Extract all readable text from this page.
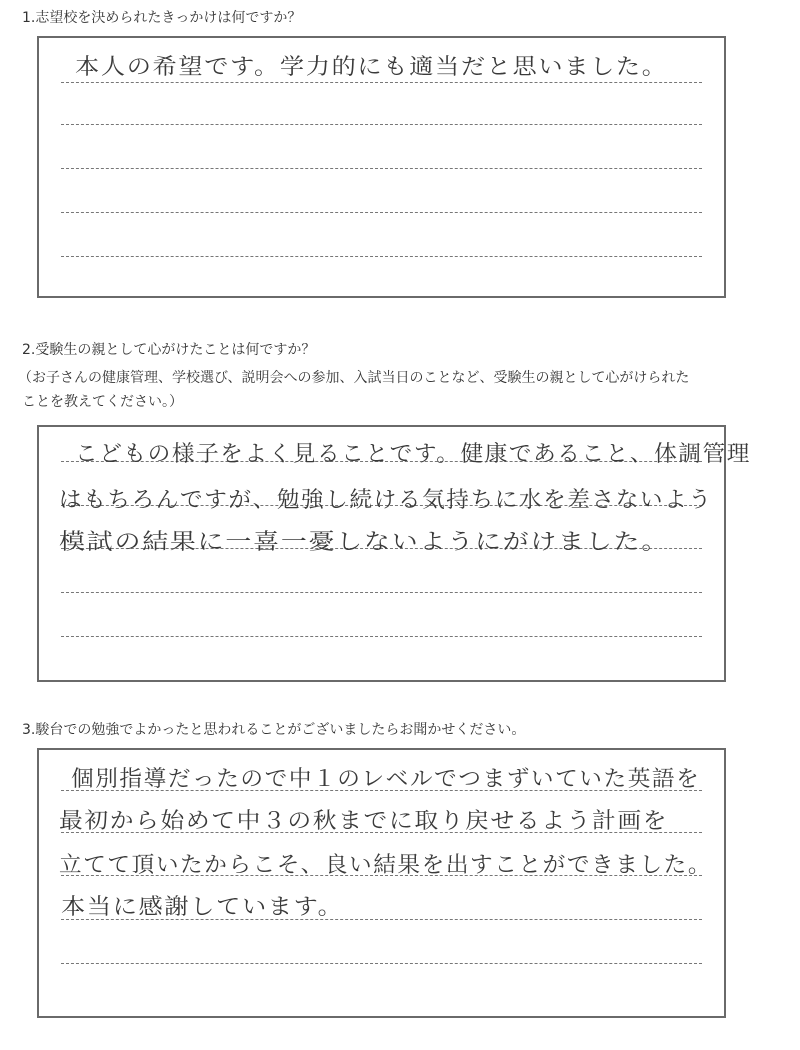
1.志望校を決められたきっかけは何ですか？
本人の希望です。学力的にも適当だと思いました。
2.受験生の親として心がけたことは何ですか？
（お子さんの健康管理、学校選び、説明会への参加、入試当日のことなど、受験生の親として心がけられた
ことを教えてください。）
こどもの様子をよく見ることです。健康であること、体調管理
はもちろんですが、勉強し続ける気持ちに水を差さないよう
模試の結果に一喜一憂しないようにがけました。
3.駿台での勉強でよかったと思われることがございましたらお聞かせください。
個別指導だったので中１のレベルでつまずいていた英語を
最初から始めて中３の秋までに取り戻せるよう計画を
立てて頂いたからこそ、良い結果を出すことができました。
本当に感謝しています。
